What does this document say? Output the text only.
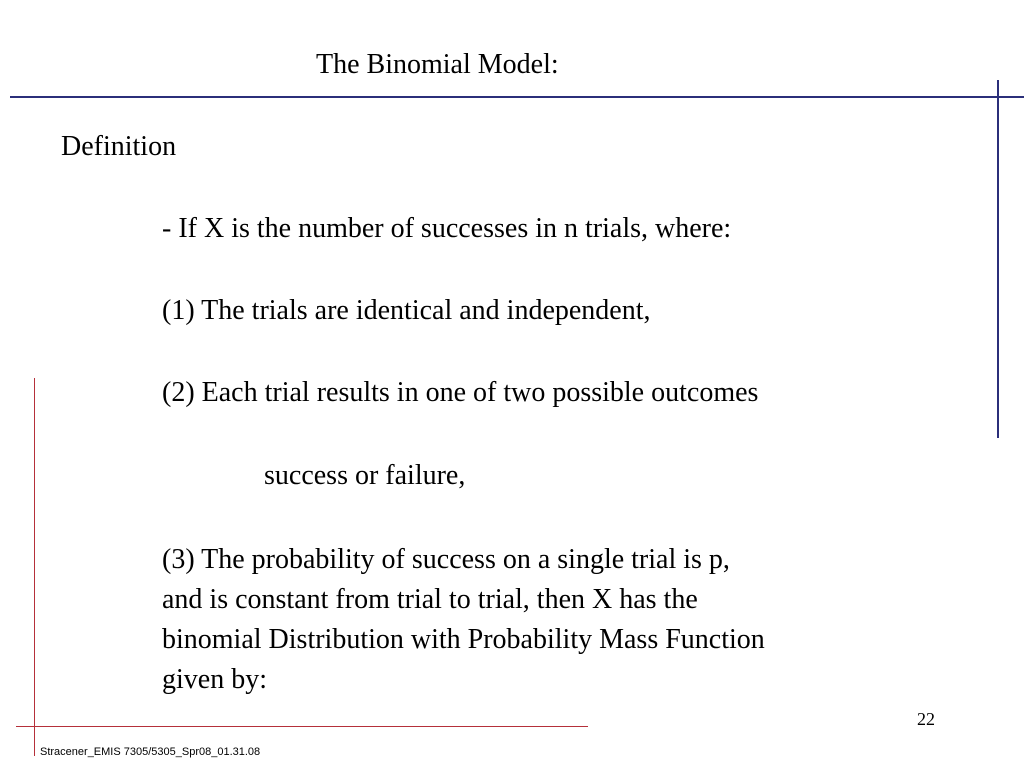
The Binomial Model:
Definition
- If X is the number of successes in n trials, where:
(1) The trials are identical and independent,
(2) Each trial results in one of two possible outcomes
success or failure,
(3) The probability of success on a single trial is p,
and is constant from trial to trial, then X has the
binomial Distribution with Probability Mass Function
given by:
22
Stracener_EMIS 7305/5305_Spr08_01.31.08
